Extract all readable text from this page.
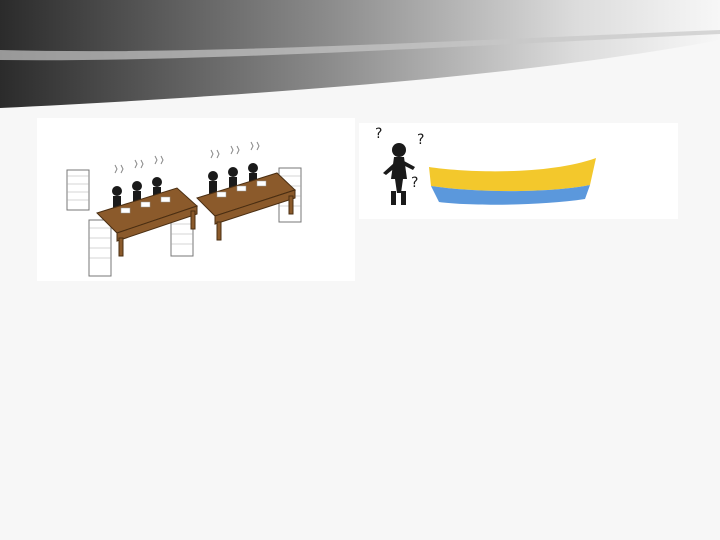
? ?
?
